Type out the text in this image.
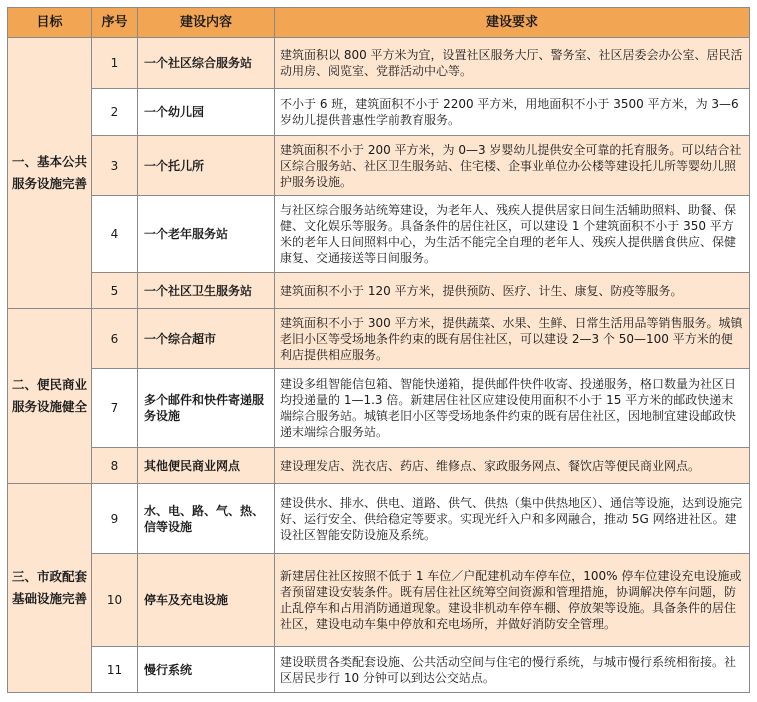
目标	序号	建设内容	建设要求
一、基本公共服务设施完善	1	一个社区综合服务站	建筑面积以 800 平方米为宜，设置社区服务大厅、警务室、社区居委会办公室、居民活动用房、阅览室、党群活动中心等。
	2	一个幼儿园	不小于 6 班，建筑面积不小于 2200 平方米，用地面积不小于 3500 平方米，为 3—6 岁幼儿提供普惠性学前教育服务。
	3	一个托儿所	建筑面积不小于 200 平方米，为 0—3 岁婴幼儿提供安全可靠的托育服务。可以结合社区综合服务站、社区卫生服务站、住宅楼、企事业单位办公楼等建设托儿所等婴幼儿照护服务设施。
	4	一个老年服务站	与社区综合服务站统筹建设，为老年人、残疾人提供居家日间生活辅助照料、助餐、保健、文化娱乐等服务。具备条件的居住社区，可以建设 1 个建筑面积不小于 350 平方米的老年人日间照料中心，为生活不能完全自理的老年人、残疾人提供膳食供应、保健康复、交通接送等日间服务。
	5	一个社区卫生服务站	建筑面积不小于 120 平方米，提供预防、医疗、计生、康复、防疫等服务。
二、便民商业服务设施健全	6	一个综合超市	建筑面积不小于 300 平方米，提供蔬菜、水果、生鲜、日常生活用品等销售服务。城镇老旧小区等受场地条件约束的既有居住社区，可以建设 2—3 个 50—100 平方米的便利店提供相应服务。
	7	多个邮件和快件寄递服务设施	建设多组智能信包箱、智能快递箱，提供邮件快件收寄、投递服务，格口数量为社区日均投递量的 1—1.3 倍。新建居住社区应建设使用面积不小于 15 平方米的邮政快递末端综合服务站。城镇老旧小区等受场地条件约束的既有居住社区，因地制宜建设邮政快递末端综合服务站。
	8	其他便民商业网点	建设理发店、洗衣店、药店、维修点、家政服务网点、餐饮店等便民商业网点。
三、市政配套基础设施完善	9	水、电、路、气、热、信等设施	建设供水、排水、供电、道路、供气、供热（集中供热地区）、通信等设施，达到设施完好、运行安全、供给稳定等要求。实现光纤入户和多网融合，推动 5G 网络进社区。建设社区智能安防设施及系统。
	10	停车及充电设施	新建居住社区按照不低于 1 车位／户配建机动车停车位，100% 停车位建设充电设施或者预留建设安装条件。既有居住社区统筹空间资源和管理措施，协调解决停车问题，防止乱停车和占用消防通道现象。建设非机动车停车棚、停放架等设施。具备条件的居住社区，建设电动车集中停放和充电场所，并做好消防安全管理。
	11	慢行系统	建设联贯各类配套设施、公共活动空间与住宅的慢行系统，与城市慢行系统相衔接。社区居民步行 10 分钟可以到达公交站点。
